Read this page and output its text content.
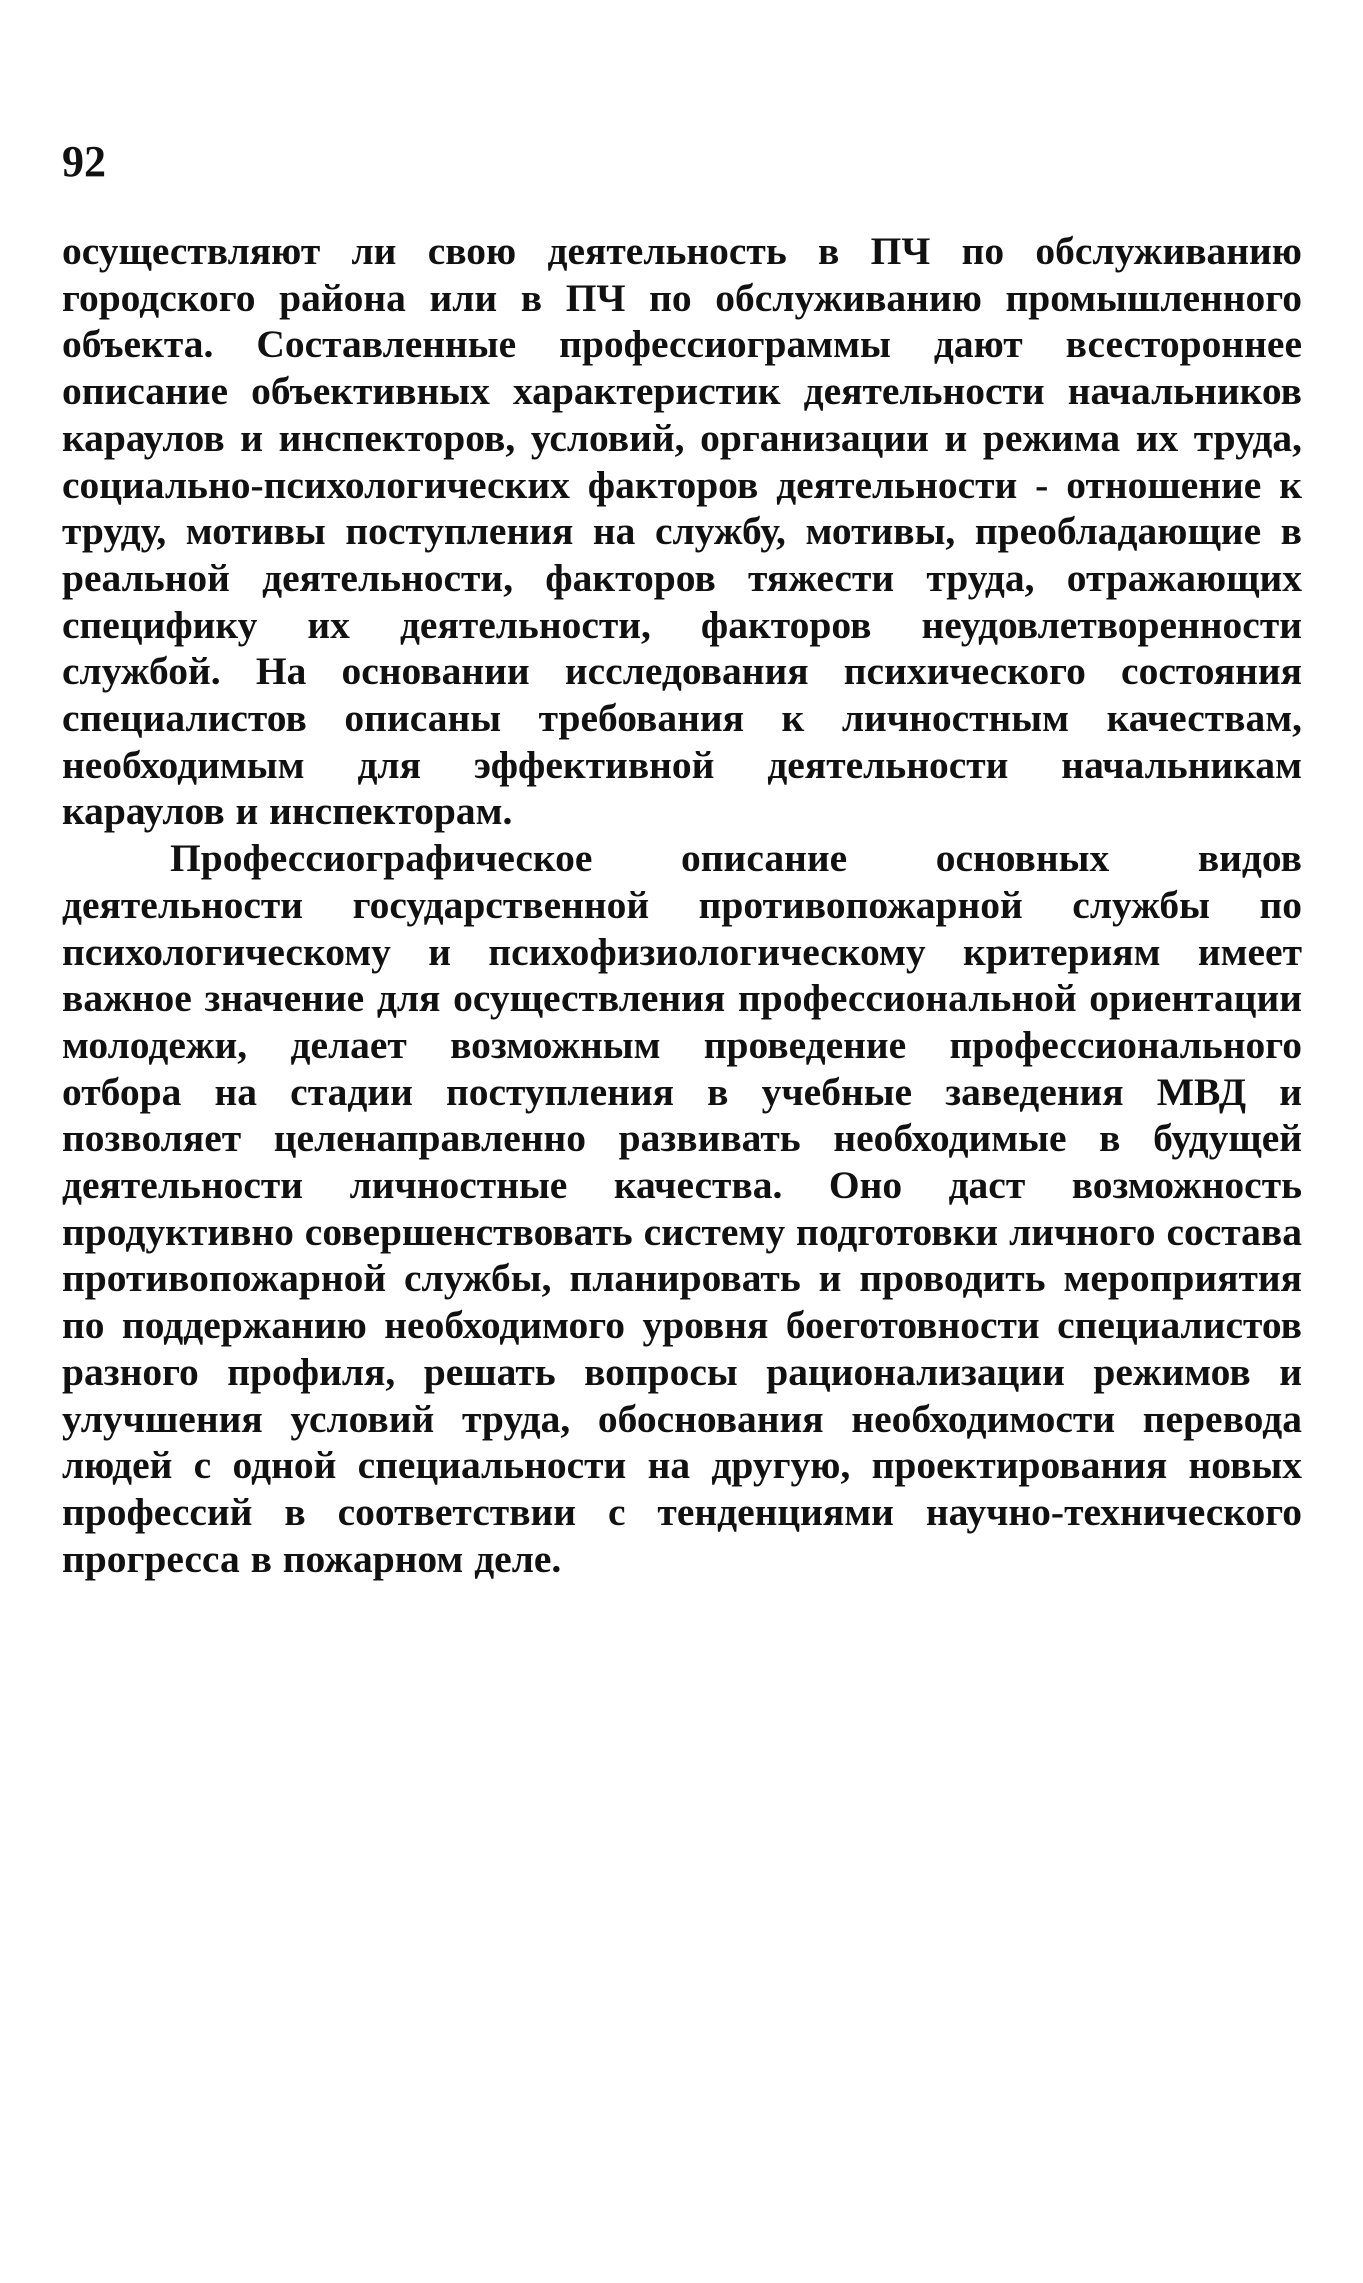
92

осуществляют ли свою деятельность в ПЧ по обслуживанию городского района или в ПЧ по обслуживанию промышленного объекта. Составленные профессиограммы дают всестороннее описание объективных характеристик деятельности начальников караулов и инспекторов, условий, организации и режима их труда, социально-психологических факторов деятельности - отношение к труду, мотивы поступления на службу, мотивы, преобладающие в реальной деятельности, факторов тяжести труда, отражающих специфику их деятельности, факторов неудовлетворенности службой. На основании исследования психического состояния специалистов описаны требования к личностным качествам, необходимым для эффективной деятельности начальникам караулов и инспекторам.

Профессиографическое описание основных видов деятельности государственной противопожарной службы по психологическому и психофизиологическому критериям имеет важное значение для осуществления профессиональной ориентации молодежи, делает возможным проведение профессионального отбора на стадии поступления в учебные заведения МВД и позволяет целенаправленно развивать необходимые в будущей деятельности личностные качества. Оно даст возможность продуктивно совершенствовать систему подготовки личного состава противопожарной службы, планировать и проводить мероприятия по поддержанию необходимого уровня боеготовности специалистов разного профиля, решать вопросы рационализации режимов и улучшения условий труда, обоснования необходимости перевода людей с одной специальности на другую, проектирования новых профессий в соответствии с тенденциями научно-технического прогресса в пожарном деле.
